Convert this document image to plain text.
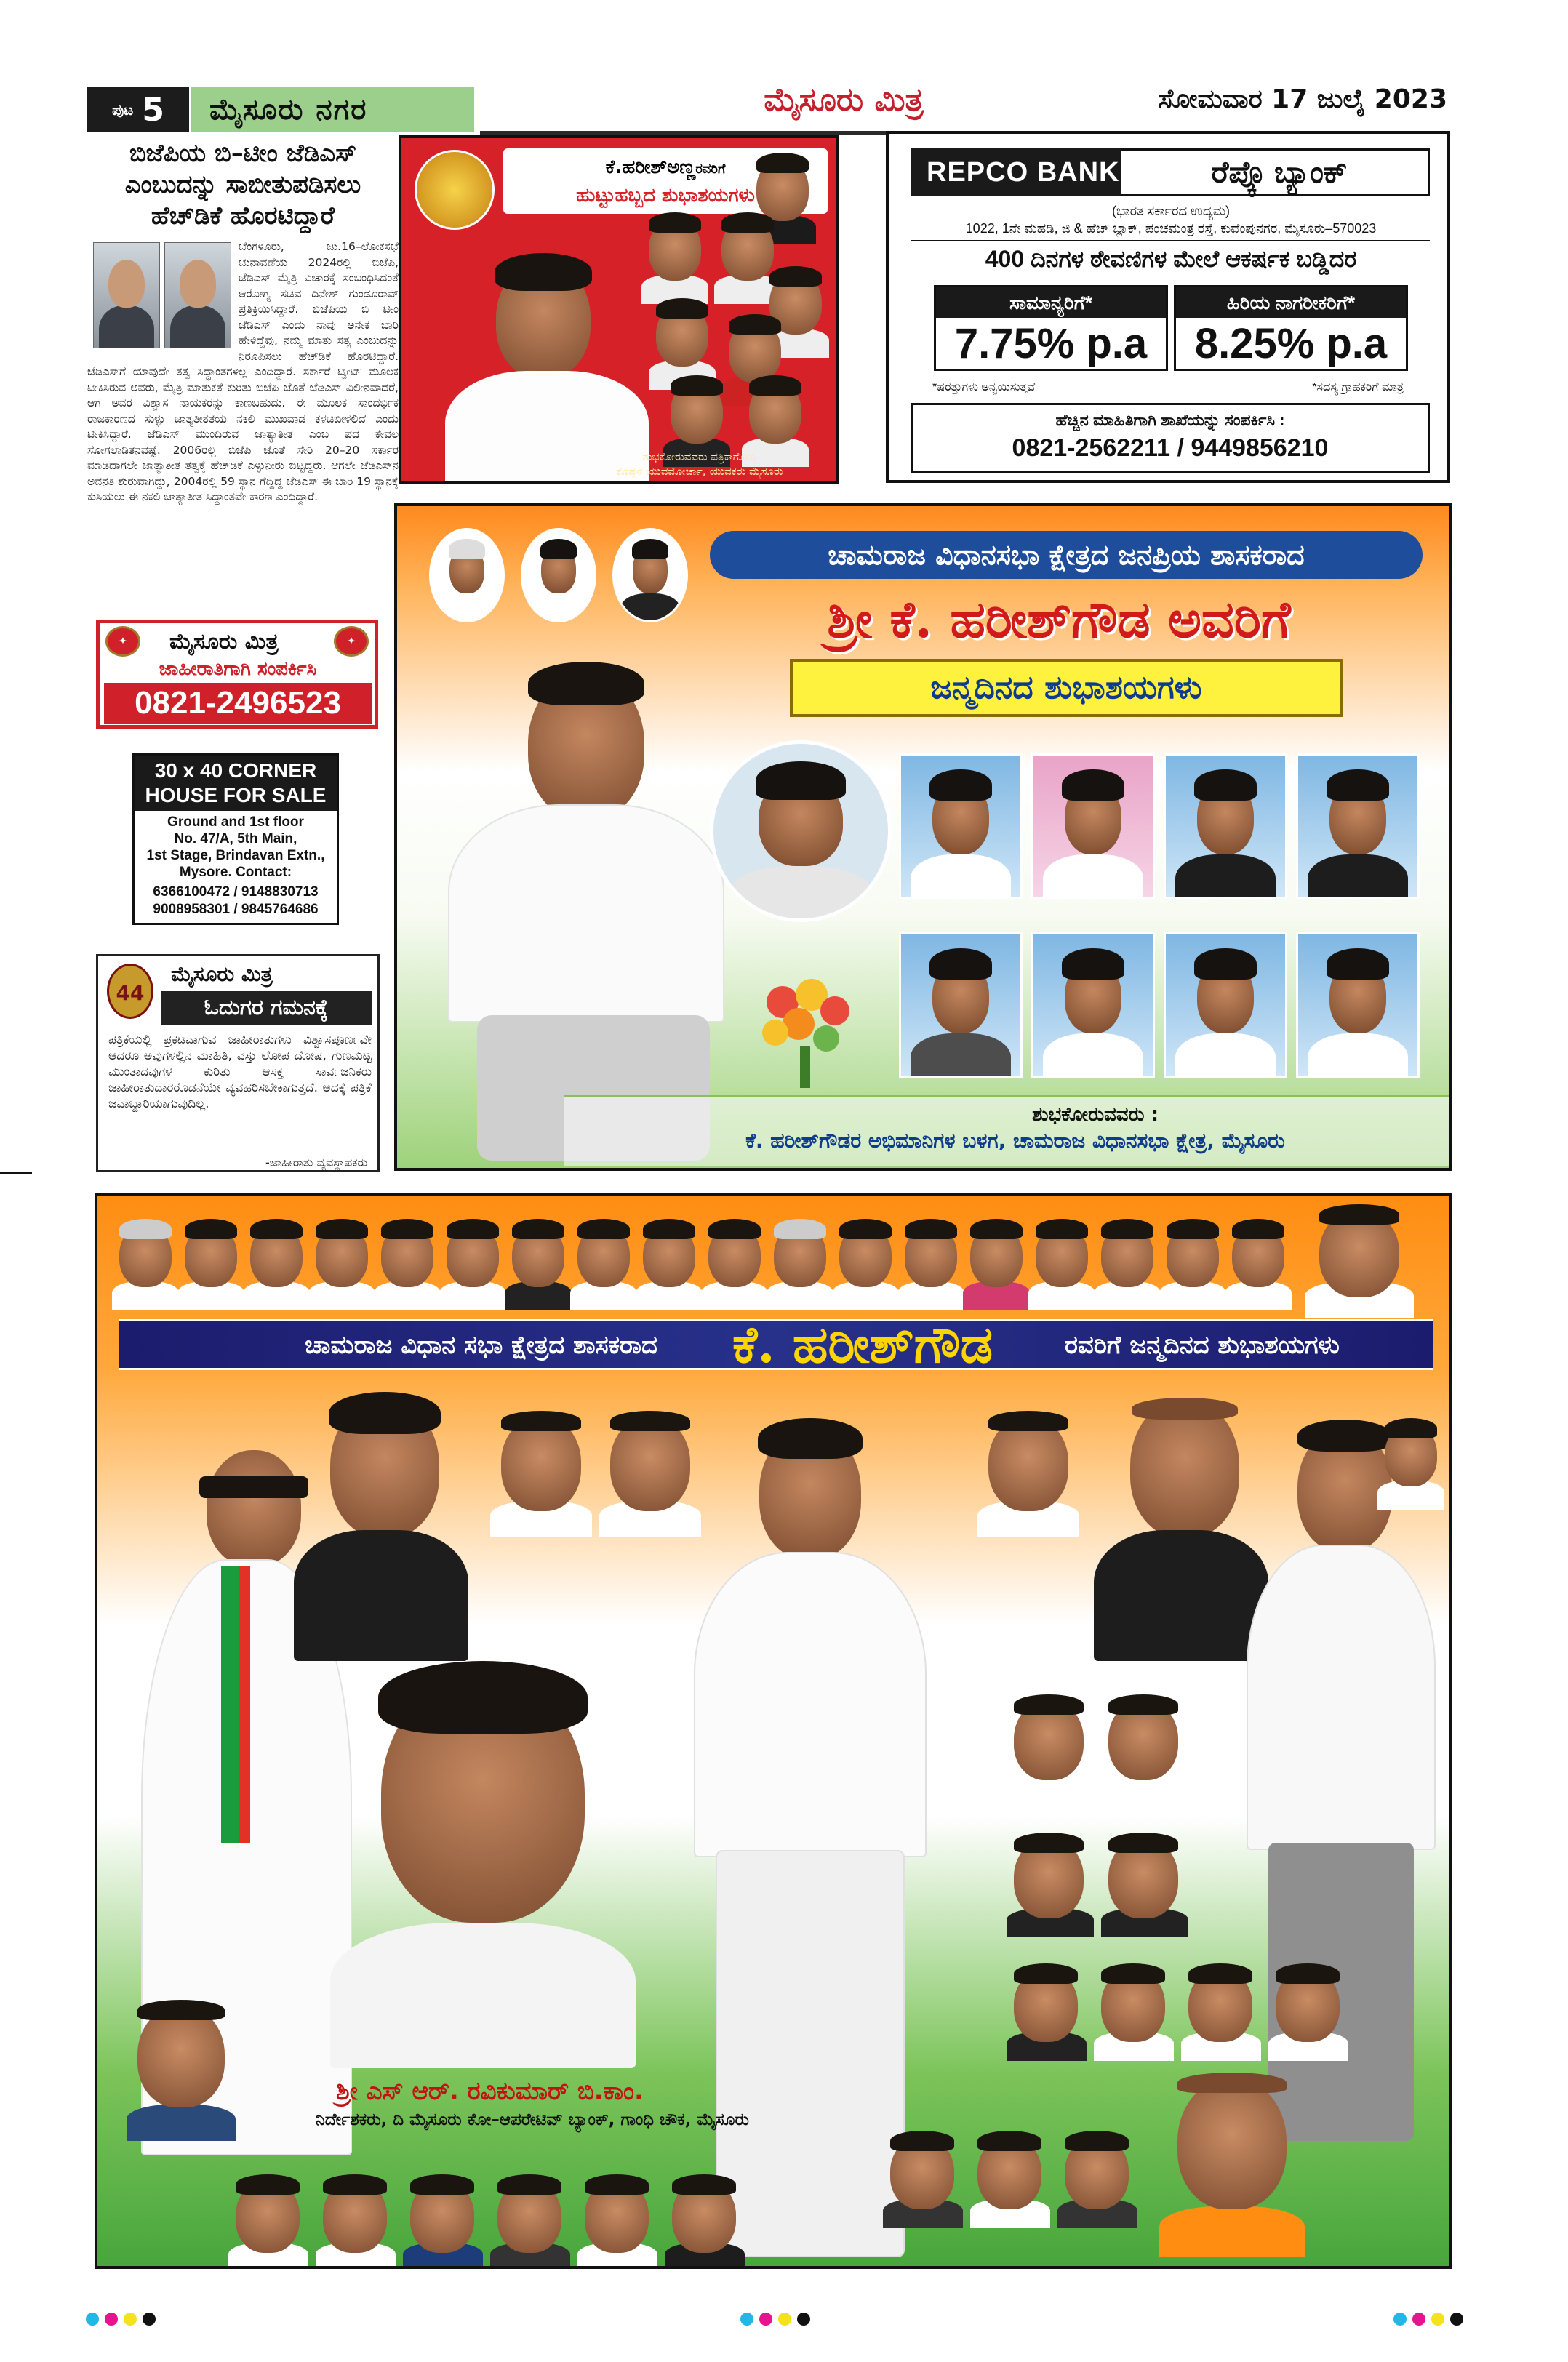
ಪುಟ 5	ಮೈಸೂರು ನಗರ	ಮೈಸೂರು ಮಿತ್ರ	ಸೋಮವಾರ 17 ಜುಲೈ 2023
ಬಿಜೆಪಿಯ ಬಿ–ಟೀಂ ಜೆಡಿಎಸ್ ಎಂಬುದನ್ನು ಸಾಬೀತುಪಡಿಸಲು ಹೆಚ್‌ಡಿಕೆ ಹೊರಟಿದ್ದಾರೆ
ಬೆಂಗಳೂರು, ಜು.16–ಲೋಕಸಭೆ ಚುನಾವಣೆಯ 2024ರಲ್ಲಿ ಬಿಜೆಪಿ, ಜೆಡಿಎಸ್ ಮೈತ್ರಿ ವಿಚಾರಕ್ಕೆ ಸಂಬಂಧಿಸಿದಂತೆ ಆರೋಗ್ಯ ಸಚಿವ ದಿನೇಶ್ ಗುಂಡೂರಾವ್ ಪ್ರತಿಕ್ರಿಯಿಸಿದ್ದಾರೆ. ಬಿಜೆಪಿಯ ಬಿ ಟೀಂ ಜೆಡಿಎಸ್ ಎಂದು ನಾವು ಅನೇಕ ಬಾರಿ ಹೇಳಿದ್ದೆವು, ನಮ್ಮ ಮಾತು ಸತ್ಯ ಎಂಬುದನ್ನು ನಿರೂಪಿಸಲು ಹೆಚ್‌ಡಿಕೆ ಹೊರಟಿದ್ದಾರೆ. ಜೆಡಿಎಸ್‌ಗೆ ಯಾವುದೇ ತತ್ವ ಸಿದ್ಧಾಂತಗಳಿಲ್ಲ ಎಂದಿದ್ದಾರೆ. ಸರ್ಕಾರೆ ಟ್ವೀಟ್ ಮೂಲಕ ಟೀಕಿಸಿರುವ ಅವರು, ಮೈತ್ರಿ ಮಾತುಕತೆ ಕುರಿತು ಬಿಜೆಪಿ ಜೊತೆ ಜೆಡಿಎಸ್ ವಿಲೀನವಾದರೆ, ಆಗ ಅವರ ವಿಶ್ವಾಸ ನಾಯಕರನ್ನು ಕಾಣಬಹುದು. ಈ ಮೂಲಕ ಸಾಂದರ್ಭಿಕ ರಾಜಕಾರಣದ ಸುಳ್ಳು ಜಾತ್ಯತೀತತೆಯ ನಕಲಿ ಮುಖವಾಡ ಕಳಚಿಬೀಳಲಿದೆ ಎಂದು ಟೀಕಿಸಿದ್ದಾರೆ. ಜೆಡಿಎಸ್ ಮುಂದಿರುವ ಜಾತ್ಯಾತೀತ ಎಂಬ ಪದ ಕೇವಲ ಸೋಗಲಾಡಿತನವಷ್ಟೆ. 2006ರಲ್ಲಿ ಬಿಜೆಪಿ ಜೊತೆ ಸೇರಿ 20–20 ಸರ್ಕಾರ ಮಾಡಿದಾಗಲೇ ಜಾತ್ಯಾತೀತ ತತ್ವಕ್ಕೆ ಹೆಚ್‌ಡಿಕೆ ಎಳ್ಳುನೀರು ಬಿಟ್ಟಿದ್ದರು. ಆಗಲೇ ಜೆಡಿಎಸ್‌ನ ಅವನತಿ ಶುರುವಾಗಿದ್ದು, 2004ರಲ್ಲಿ 59 ಸ್ಥಾನ ಗೆದ್ದಿದ್ದ ಜೆಡಿಎಸ್ ಈ ಬಾರಿ 19 ಸ್ಥಾನಕ್ಕೆ ಕುಸಿಯಲು ಈ ನಕಲಿ ಜಾತ್ಯಾತೀತ ಸಿದ್ಧಾಂತವೇ ಕಾರಣ ಎಂದಿದ್ದಾರೆ.
✦	✦
ಮೈಸೂರು ಮಿತ್ರ
ಜಾಹೀರಾತಿಗಾಗಿ ಸಂಪರ್ಕಿಸಿ
0821-2496523
30 x 40 CORNER
HOUSE FOR SALE
Ground and 1st floor
No. 47/A, 5th Main,
1st Stage, Brindavan Extn.,
Mysore. Contact:
6366100472 / 9148830713
9008958301 / 9845764686
44
ಮೈಸೂರು ಮಿತ್ರ
ಓದುಗರ ಗಮನಕ್ಕೆ
ಪತ್ರಿಕೆಯಲ್ಲಿ ಪ್ರಕಟವಾಗುವ ಜಾಹೀರಾತುಗಳು ವಿಶ್ವಾಸಪೂರ್ಣವೇ ಆದರೂ ಅವುಗಳಲ್ಲಿನ ಮಾಹಿತಿ, ವಸ್ತು ಲೋಪ ದೋಷ, ಗುಣಮಟ್ಟ ಮುಂತಾದವುಗಳ ಕುರಿತು ಆಸಕ್ತ ಸಾರ್ವಜನಿಕರು ಜಾಹೀರಾತುದಾರರೊಡನೆಯೇ ವ್ಯವಹರಿಸಬೇಕಾಗುತ್ತದೆ. ಅದಕ್ಕೆ ಪತ್ರಿಕೆ ಜವಾಬ್ದಾರಿಯಾಗುವುದಿಲ್ಲ.
-ಜಾಹೀರಾತು ವ್ಯವಸ್ಥಾಪಕರು
ಕೆ.ಹರೀಶ್‌ಅಣ್ಣರವರಿಗೆ
ಹುಟ್ಟುಹಬ್ಬದ ಶುಭಾಶಯಗಳು
ಶುಭಕೋರುವವರು ಪತ್ರಿಕಾಗೋಷ್ಠಿ
ಕೊಪ್ಪಳ ಯುವಮೋರ್ಚಾ, ಯುವಕರು ಮೈಸೂರು
REPCO BANK	ರೆಪ್ಕೊ ಬ್ಯಾಂಕ್
(ಭಾರತ ಸರ್ಕಾರದ ಉದ್ಯಮ)
1022, 1ನೇ ಮಹಡಿ, ಜಿ & ಹೆಚ್ ಬ್ಲಾಕ್, ಪಂಚಮಂತ್ರ ರಸ್ತೆ, ಕುವೆಂಪುನಗರ, ಮೈಸೂರು–570023
400 ದಿನಗಳ ಠೇವಣಿಗಳ ಮೇಲೆ ಆಕರ್ಷಕ ಬಡ್ಡಿದರ
ಸಾಮಾನ್ಯರಿಗೆ*
7.75% p.a
ಹಿರಿಯ ನಾಗರೀಕರಿಗೆ*
8.25% p.a
*ಷರತ್ತುಗಳು ಅನ್ವಯಿಸುತ್ತವೆ	*ಸದಸ್ಯ ಗ್ರಾಹಕರಿಗೆ ಮಾತ್ರ
ಹೆಚ್ಚಿನ ಮಾಹಿತಿಗಾಗಿ ಶಾಖೆಯನ್ನು ಸಂಪರ್ಕಿಸಿ :
0821-2562211 / 9449856210
ಚಾಮರಾಜ ವಿಧಾನಸಭಾ ಕ್ಷೇತ್ರದ ಜನಪ್ರಿಯ ಶಾಸಕರಾದ
ಶ್ರೀ ಕೆ. ಹರೀಶ್‌ಗೌಡ ಅವರಿಗೆ
ಜನ್ಮದಿನದ ಶುಭಾಶಯಗಳು
ಶುಭಕೋರುವವರು :
ಕೆ. ಹರೀಶ್‌ಗೌಡರ ಅಭಿಮಾನಿಗಳ ಬಳಗ, ಚಾಮರಾಜ ವಿಧಾನಸಭಾ ಕ್ಷೇತ್ರ, ಮೈಸೂರು
ಚಾಮರಾಜ ವಿಧಾನ ಸಭಾ ಕ್ಷೇತ್ರದ ಶಾಸಕರಾದ	ಕೆ. ಹರೀಶ್‌ಗೌಡ	ರವರಿಗೆ ಜನ್ಮದಿನದ ಶುಭಾಶಯಗಳು
ಶ್ರೀ ಎಸ್ ಆರ್. ರವಿಕುಮಾರ್ ಬಿ.ಕಾಂ.
ನಿರ್ದೇಶಕರು, ದಿ ಮೈಸೂರು ಕೋ–ಆಪರೇಟಿವ್ ಬ್ಯಾಂಕ್, ಗಾಂಧಿ ಚೌಕ, ಮೈಸೂರು
